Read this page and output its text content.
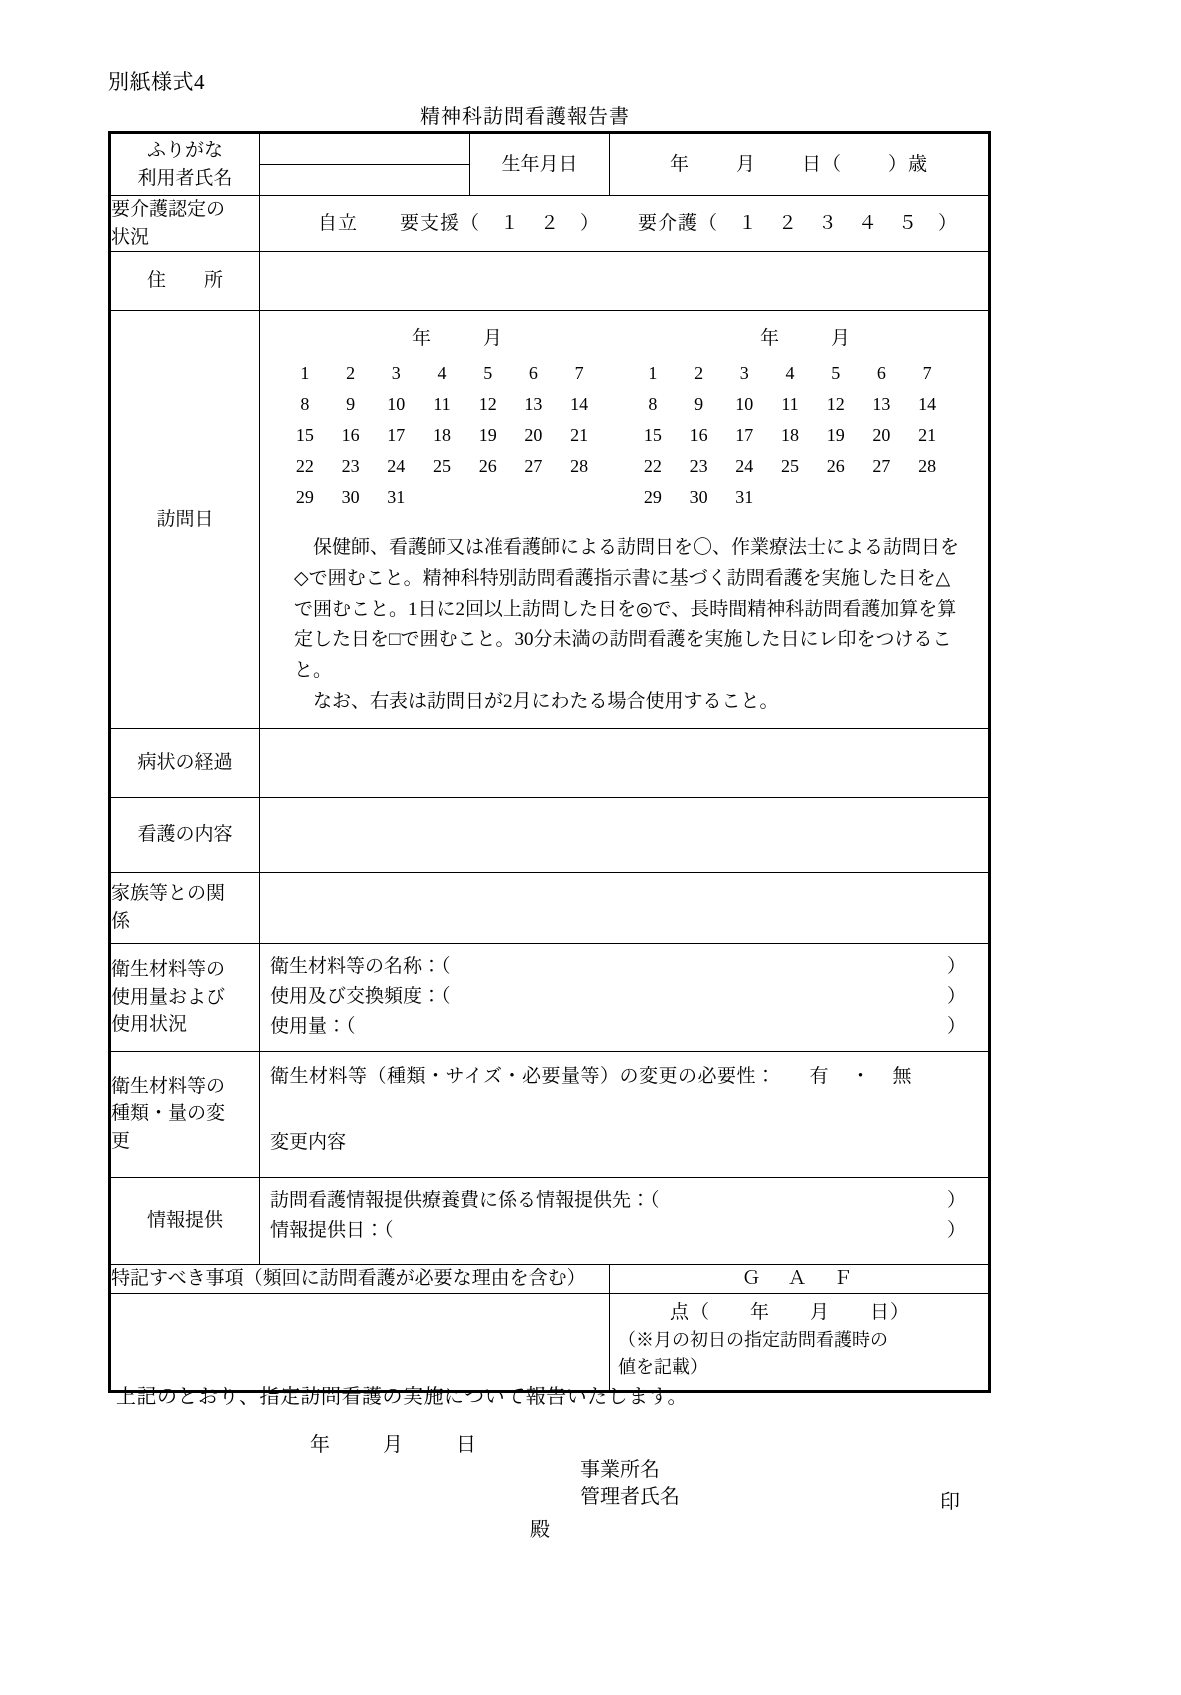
別紙様式4
精神科訪問看護報告書
ふりがな
利用者氏名		生年月日	年 月 日（ ）歳

要介護認定の
状況	自立 要支援（　１　２　） 要介護（　１　２　３　４　５　）		

住　　所			
訪問日	
年	月
1	2	3	4	5	6	7
8	9	10	11	12	13	14
15	16	17	18	19	20	21
22	23	24	25	26	27	28
29	30	31
年	月
1	2	3	4	5	6	7
8	9	10	11	12	13	14
15	16	17	18	19	20	21
22	23	24	25	26	27	28
29	30	31

保健師、看護師又は准看護師による訪問日を〇、作業療法士による訪問日を◇で囲むこと。精神科特別訪問看護指示書に基づく訪問看護を実施した日を△で囲むこと。1日に2回以上訪問した日を◎で、長時間精神科訪問看護加算を算定した日を□で囲むこと。30分未満の訪問看護を実施した日にレ印をつけること。

なお、右表は訪問日が2月にわたる場合使用すること。

病状の経過			
看護の内容			

家族等との関
係			

衛生材料等の
使用量および
使用状況

衛生材料等の名称：（	）
使用及び交換頻度：（	）
使用量：（	）

衛生材料等の
種類・量の変
更

衛生材料等（種類・サイズ・必要量等）の変更の必要性： 有 ・ 無
変更内容

情報提供	訪問看護情報提供療養費に係る情報提供先：（ ）
情報提供日：（ ）		

特記すべき事項（頻回に訪問看護が必要な理由を含む）			Ｇ　Ａ　Ｆ

			点（ 年 月 日）
（※月の初日の指定訪問看護時の
値を記載）
上記のとおり、指定訪問看護の実施について報告いたします。
年	月	日
事業所名
管理者氏名	印
殿
